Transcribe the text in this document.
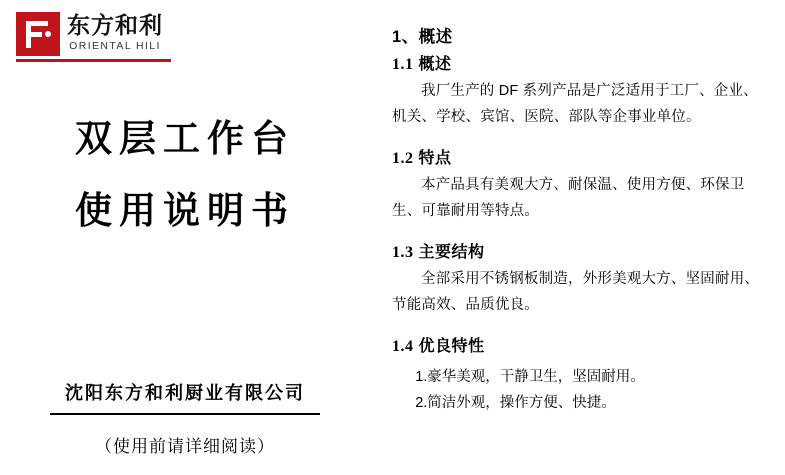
东方和利
ORIENTAL HILI
双层工作台
使用说明书
沈阳东方和利厨业有限公司
（使用前请详细阅读）
1、概述
1.1 概述

我厂生产的 DF 系列产品是广泛适用于工厂、企业、机关、学校、宾馆、医院、部队等企事业单位。

1.2 特点

本产品具有美观大方、耐保温、使用方便、环保卫生、可靠耐用等特点。

1.3 主要结构

全部采用不锈钢板制造，外形美观大方、坚固耐用、节能高效、品质优良。

1.4 优良特性

1.豪华美观，干静卫生，坚固耐用。

2.简洁外观，操作方便、快捷。
